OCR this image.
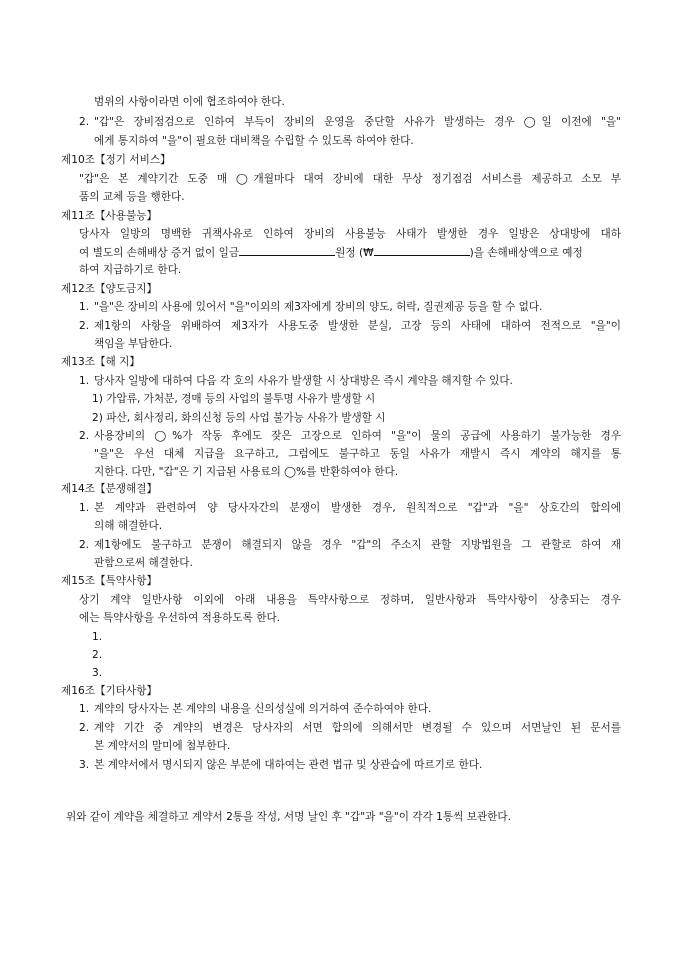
범위의 사항이라면 이에 협조하여야 한다.
2. "갑"은 장비점검으로 인하여 부득이 장비의 운영을 중단할 사유가 발생하는 경우 ◯일 이전에 "을"
에게 통지하여 "을"이 필요한 대비책을 수립할 수 있도록 하여야 한다.
제10조【정기 서비스】
"갑"은 본 계약기간 도중 매 ◯개월마다 대여 장비에 대한 무상 정기점검 서비스를 제공하고 소모 부
품의 교체 등을 행한다.
제11조【사용불능】
당사자 일방의 명백한 귀책사유로 인하여 장비의 사용불능 사태가 발생한 경우 일방은 상대방에 대하
여 별도의 손해배상 증거 없이 일금	원정 (₩	)을 손해배상액으로 예정
하여 지급하기로 한다.
제12조【양도금지】
1. "을"은 장비의 사용에 있어서 "을"이외의 제3자에게 장비의 양도, 허락, 질권제공 등을 할 수 없다.
2. 제1항의 사항을 위배하여 제3자가 사용도중 발생한 분실, 고장 등의 사태에 대하여 전적으로 "을"이
책임을 부담한다.
제13조【해 지】
1. 당사자 일방에 대하여 다음 각 호의 사유가 발생할 시 상대방은 즉시 계약을 해지할 수 있다.
1) 가압류, 가처분, 경매 등의 사업의 불투명 사유가 발생할 시
2) 파산, 회사정리, 화의신청 등의 사업 불가능 사유가 발생할 시
2. 사용장비의 ◯%가 작동 후에도 잦은 고장으로 인하여 "을"이 물의 공급에 사용하기 불가능한 경우
"을"은 우선 대체 지급을 요구하고, 그럼에도 불구하고 동일 사유가 재발시 즉시 계약의 해지를 통
지한다. 다만, "갑"은 기 지급된 사용료의 ◯%를 반환하여야 한다.
제14조【분쟁해결】
1. 본 계약과 관련하여 양 당사자간의 분쟁이 발생한 경우, 원칙적으로 "갑"과 "을" 상호간의 합의에
의해 해결한다.
2. 제1항에도 불구하고 분쟁이 해결되지 않을 경우 "갑"의 주소지 관할 지방법원을 그 관할로 하여 재
판함으로써 해결한다.
제15조【특약사항】
상기 계약 일반사항 이외에 아래 내용을 특약사항으로 정하며, 일반사항과 특약사항이 상충되는 경우
에는 특약사항을 우선하여 적용하도록 한다.
1.
2.
3.
제16조【기타사항】
1. 계약의 당사자는 본 계약의 내용을 신의성실에 의거하여 준수하여야 한다.
2. 계약 기간 중 계약의 변경은 당사자의 서면 합의에 의해서만 변경될 수 있으며 서면날인 된 문서를
본 계약서의 말미에 첨부한다.
3. 본 계약서에서 명시되지 않은 부분에 대하여는 관련 법규 및 상관습에 따르기로 한다.
위와 같이 계약을 체결하고 계약서 2통을 작성, 서명 날인 후 "갑"과 "을"이 각각 1통씩 보관한다.
